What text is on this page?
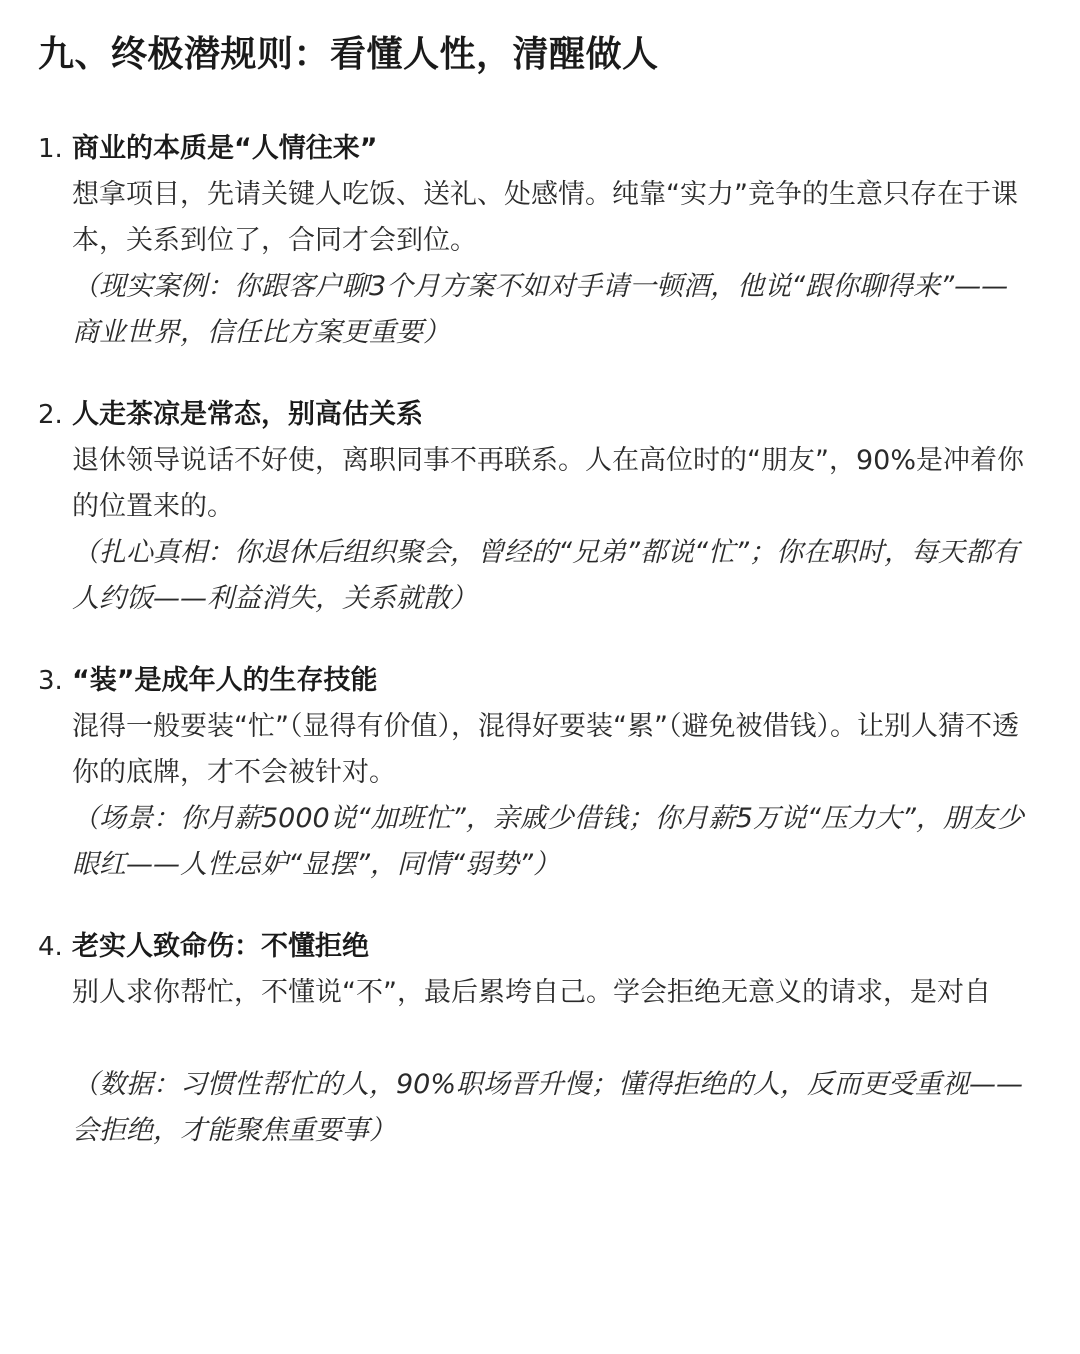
九、终极潜规则：看懂人性，清醒做人
1. 商业的本质是“人情往来”
想拿项目，先请关键人吃饭、送礼、处感情。纯靠“实力”竞争的生意只存在于课本，关系到位了，合同才会到位。
（现实案例：你跟客户聊3个月方案不如对手请一顿酒，他说“跟你聊得来”——商业世界，信任比方案更重要）
2. 人走茶凉是常态，别高估关系
退休领导说话不好使，离职同事不再联系。人在高位时的“朋友”，90%是冲着你的位置来的。
（扎心真相：你退休后组织聚会，曾经的“兄弟”都说“忙”；你在职时，每天都有人约饭——利益消失，关系就散）
3. “装”是成年人的生存技能
混得一般要装“忙”（显得有价值），混得好要装“累”（避免被借钱）。让别人猜不透你的底牌，才不会被针对。
（场景：你月薪5000说“加班忙”，亲戚少借钱；你月薪5万说“压力大”，朋友少眼红——人性忌妒“显摆”，同情“弱势”）
4. 老实人致命伤：不懂拒绝
别人求你帮忙，不懂说“不”，最后累垮自己。学会拒绝无意义的请求，是对自
（数据：习惯性帮忙的人，90%职场晋升慢；懂得拒绝的人，反而更受重视——会拒绝，才能聚焦重要事）
